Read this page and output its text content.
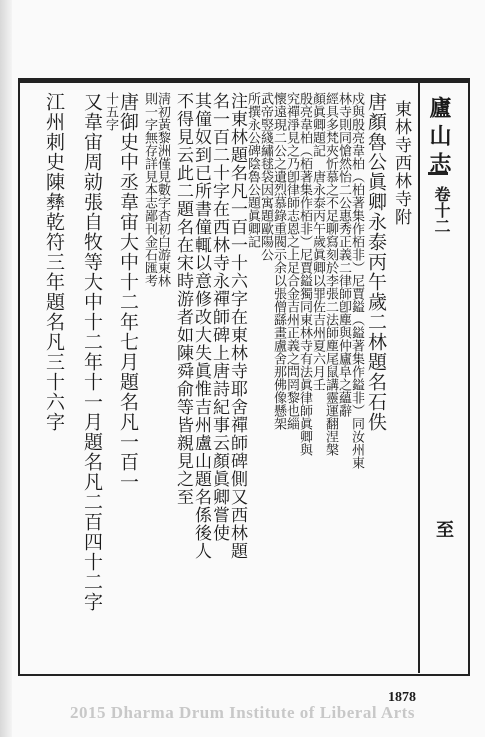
廬山志
卷十二
至
東林寺西林寺附
唐顏魯公眞卿永泰丙午歲二林題名石佚
戍與殷亮韋柏（柏著集作栢非）尼賈鎰（鎰著集作鎰非）同汝州東
林寺則同愴然怡二公惠秀正義二律師卽塵與仲廬阜之蘊辭
經具多梵夾忻慕之不足聊寫刻於李張二法師塵尾鼠講靈運翻涅槃
顏眞卿題記　唐永泰丙午歲眞卿以罪佐吉州夏六月壬
殷亮韋柏（栢著集作栢非）尼賈鎰獨同東林寺有法眞律師眞卿與
究禪淨見之乃卽律師志恩之上足合金吉州正義之問罔黎也緇
懷遠現二公之遺烈慕錄重閥示余以張僧繇畫盧舍那佛像懸架
武帝竪綫繡毬袋因寓題歐陽公
所撰永公碑陰魯公題眞卿記
注東林題名凡一百一十六字在東林寺耶舍禪師碑側又西林題
名一百二十字在西林寺永禪師碑上唐詩紀事云顏眞卿嘗使
其僮奴到已所書僮輒以意修改大失眞惟吉州盧山題名係後人
不得見云此二題名在宋時游者如陳舜俞等皆親見之至
淸初黃黎洲僅見數字杳初白游東林
則一字無存詳見本志鄙刊金石匯考
唐御史中丞韋宙大中十二年七月題名凡一百一
十五字
又韋宙周勍張自牧等大中十二年十一月題名凡二百四十二字
江州刺史陳彝乾符三年題名凡三十六字
1878
2015 Dharma Drum Institute of Liberal Arts
